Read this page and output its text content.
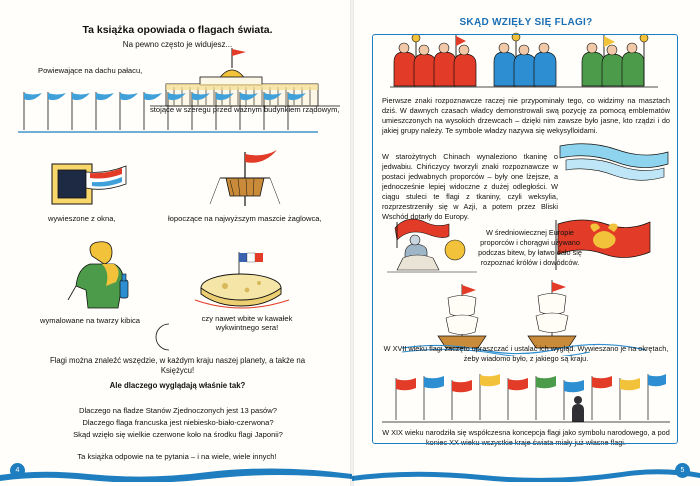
Ta książka opowiada o flagach świata.
Na pewno często je widujesz...
Powiewające na dachu pałacu,
stojące w szeregu przed ważnym budynkiem rządowym,
wywieszone z okna,	łopoczące na najwyższym maszcie żaglowca,
wymalowane na twarzy kibica	czy nawet wbite w kawałek wykwintnego sera!
Flagi można znaleźć wszędzie, w każdym kraju naszej planety, a także na Księżycu!
Ale dlaczego wyglądają właśnie tak?
Dlaczego na fladze Stanów Zjednoczonych jest 13 pasów?
Dlaczego flaga francuska jest niebiesko-biało-czerwona?
Skąd wzięło się wielkie czerwone koło na środku flagi Japonii?
Ta książka odpowie na te pytania – i na wiele, wiele innych!
4
SKĄD WZIĘŁY SIĘ FLAGI?
Pierwsze znaki rozpoznawcze raczej nie przypominały tego, co widzimy na masztach dziś. W dawnych czasach władcy demonstrowali swą pozycję za pomocą emblematów umieszczonych na wysokich drzewcach – dzięki nim zawsze było jasne, kto rządzi i do jakiej grupy należy. Te symbole władzy nazywa się wekysylloidami.
W starożytnych Chinach wynaleziono tkaninę o jedwabiu. Chińczycy tworzyli znaki rozpoznawcze w postaci jedwabnych proporców – były one lżejsze, a jednocześnie lepiej widoczne z dużej odległości. W ciągu stuleci te flagi z tkaniny, czyli weksylia, rozprzestrzeniły się w Azji, a potem przez Bliski Wschód dotarły do Europy.
W średniowiecznej Europie proporców i chorągwi używano podczas bitew, by łatwo dało się rozpoznać królów i dowódców.
W XVII wieku flagi zaczęto upraszczać i ustalać ich wygląd. Wywieszano je na okrętach, żeby wiadomo było, z jakiego są kraju.
W XIX wieku narodziła się współczesna koncepcja flagi jako symbolu narodowego, a pod koniec XX wieku wszystkie kraje świata miały już własne flagi.
5
